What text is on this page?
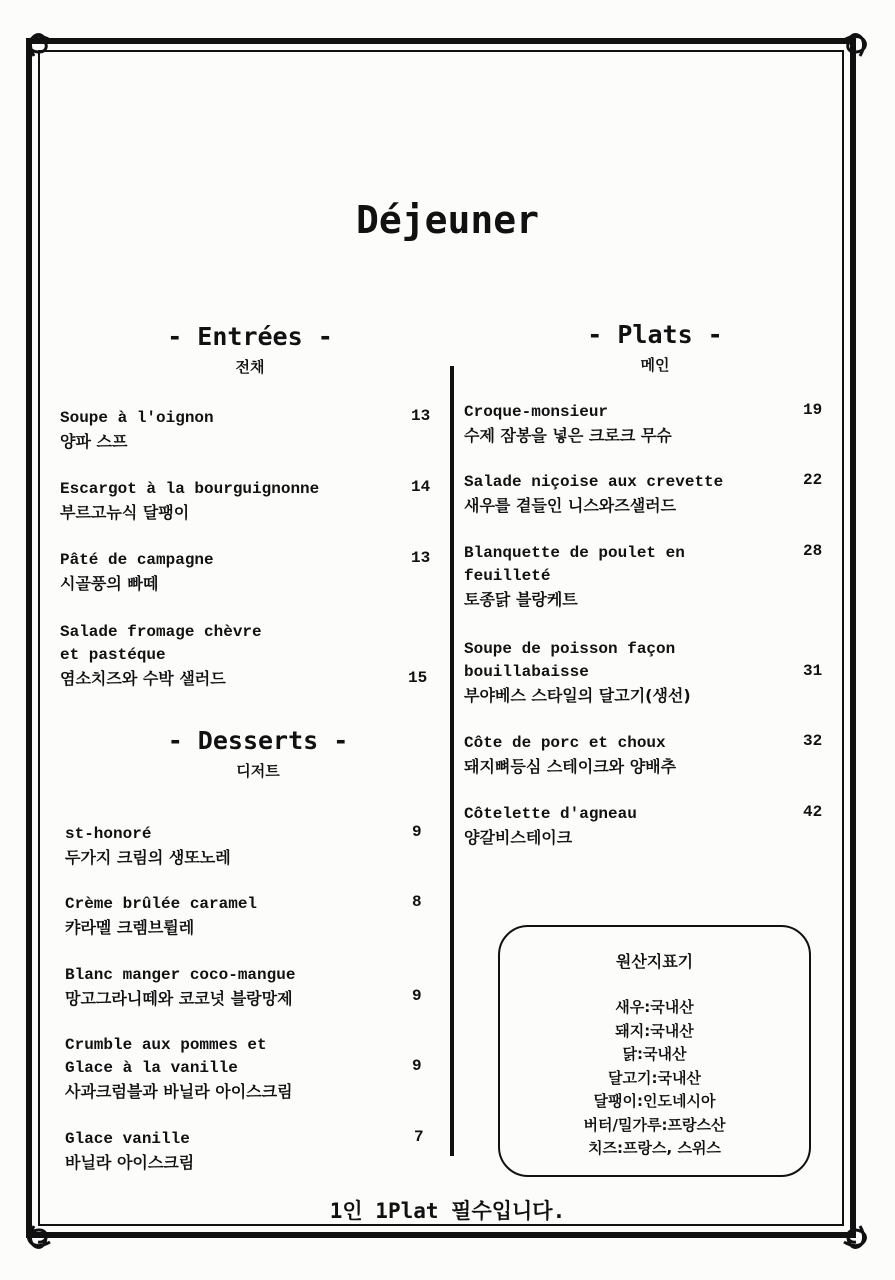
Déjeuner
- Entrées -
전채
Soupe à l'oignon
양파 스프
13
Escargot à la bourguignonne
부르고뉴식 달팽이
14
Pâté de campagne
시골풍의 빠떼
13
Salade fromage chèvre
et pastéque
염소치즈와 수박 샐러드	15
- Desserts -
디저트
st-honoré
두가지 크림의 생또노레
9
Crème brûlée caramel
캬라멜 크렘브륄레
8
Blanc manger coco-mangue
망고그라니떼와 코코넛 블랑망제	9
Crumble aux pommes et
Glace à la vanille
사과크럼블과 바닐라 아이스크림
9
Glace vanille
바닐라 아이스크림
7
- Plats -
메인
Croque-monsieur
수제 잠봉을 넣은 크로크 무슈
19
Salade niçoise aux crevette
새우를 곁들인 니스와즈샐러드
22
Blanquette de poulet en
feuilleté
토종닭 블랑케트
28
Soupe de poisson façon
bouillabaisse
부야베스 스타일의 달고기(생선)
31
Côte de porc et choux
돼지뼈등심 스테이크와 양배추
32
Côtelette d'agneau
양갈비스테이크
42
원산지표기
새우:국내산
돼지:국내산
닭:국내산
달고기:국내산
달팽이:인도네시아
버터/밀가루:프랑스산
치즈:프랑스, 스위스
1인 1Plat 필수입니다.
